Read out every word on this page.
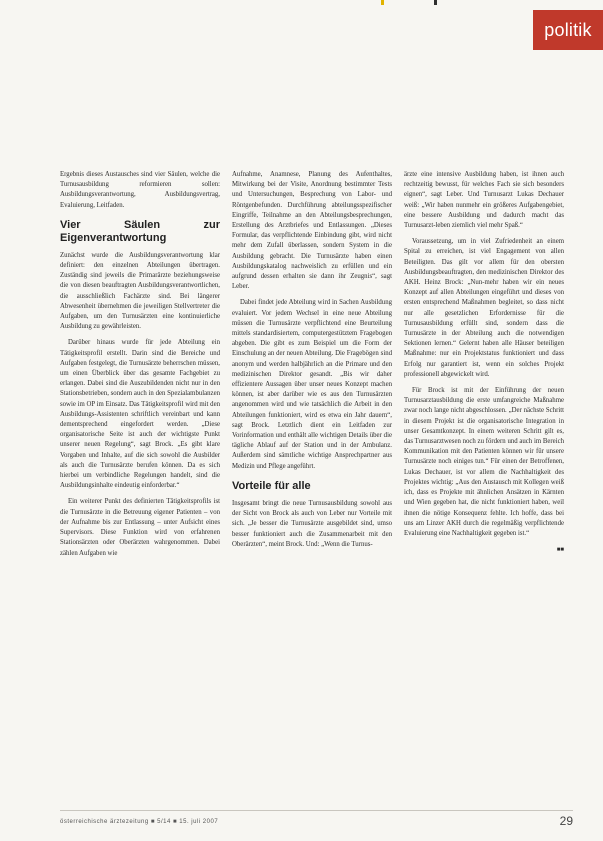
politik

Ergebnis dieses Austausches sind vier Säulen, welche die Turnusausbildung reformieren sollen: Ausbildungsverantwortung, Ausbildungsvertrag, Evaluierung, Leitfaden.

Vier Säulen zur Eigenverantwortung

Zunächst wurde die Ausbildungsverantwortung klar definiert: den einzelnen Abteilungen übertragen. Zuständig sind jeweils die Primarärzte beziehungsweise die von diesen beauftragten Ausbildungsverantwortlichen, die ausschließlich Fachärzte sind. Bei längerer Abwesenheit übernehmen die jeweiligen Stellvertreter die Aufgaben, um den Turnusärzten eine kontinuierliche Ausbildung zu gewährleisten.

Darüber hinaus wurde für jede Abteilung ein Tätigkeitsprofil erstellt. Darin sind die Bereiche und Aufgaben festgelegt, die Turnusärzte beherrschen müssen, um einen Überblick über das gesamte Fachgebiet zu erlangen. Dabei sind die Auszubildenden nicht nur in den Stationsbetrieben, sondern auch in den Spezialambulanzen sowie im OP im Einsatz. Das Tätigkeitsprofil wird mit den Ausbildungs-Assistenten schriftlich vereinbart und kann dementsprechend eingefordert werden. „Diese organisatorische Seite ist auch der wichtigste Punkt unserer neuen Regelung“, sagt Brock. „Es gibt klare Vorgaben und Inhalte, auf die sich sowohl die Ausbilder als auch die Turnusärzte berufen können. Da es sich hierbei um verbindliche Regelungen handelt, sind die Ausbildungsinhalte eindeutig einforderbar.“

Ein weiterer Punkt des definierten Tätigkeitsprofils ist die Turnusärzte in die Betreuung eigener Patienten – von der Aufnahme bis zur Entlassung – unter Aufsicht eines Supervisors. Diese Funktion wird von erfahrenen Stationsärzten oder Oberärzten wahrgenommen. Dabei zählen Aufgaben wie

Aufnahme, Anamnese, Planung des Aufenthaltes, Mitwirkung bei der Visite, Anordnung bestimmter Tests und Untersuchungen, Besprechung von Labor- und Röntgenbefunden. Durchführung abteilungsspezifischer Eingriffe, Teilnahme an den Abteilungsbesprechungen, Erstellung des Arztbriefes und Entlassungen. „Dieses Formular, das verpflichtende Einbindung gibt, wird nicht mehr dem Zufall überlassen, sondern System in die Ausbildung gebracht. Die Turnusärzte haben einen Ausbildungskatalog nachweislich zu erfüllen und ein aufgrund dessen erhalten sie dann ihr Zeugnis“, sagt Leber.

Dabei findet jede Abteilung wird in Sachen Ausbildung evaluiert. Vor jedem Wechsel in eine neue Abteilung müssen die Turnusärzte verpflichtend eine Beurteilung mittels standardisiertem, computergestütztem Fragebogen abgeben. Die gibt es zum Beispiel um die Form der Einschulung an der neuen Abteilung. Die Fragebögen sind anonym und werden halbjährlich an die Primare und den medizinischen Direktor gesandt. „Bis wir daher effizientere Aussagen über unser neues Konzept machen können, ist aber darüber wie es aus den Turnusärzten angenommen wird und wie tatsächlich die Arbeit in den Abteilungen funktioniert, wird es etwa ein Jahr dauern“, sagt Brock. Letztlich dient ein Leitfaden zur Vorinformation und enthält alle wichtigen Details über die tägliche Ablauf auf der Station und in der Ambulanz. Außerdem sind sämtliche wichtige Ansprechpartner aus Medizin und Pflege angeführt.

Vorteile für alle

Insgesamt bringt die neue Turnusausbildung sowohl aus der Sicht von Brock als auch von Leber nur Vorteile mit sich. „Je besser die Turnusärzte ausgebildet sind, umso besser funktioniert auch die Zusammenarbeit mit den Oberärzten“, meint Brock. Und: „Wenn die Turnus-

ärzte eine intensive Ausbildung haben, ist ihnen auch rechtzeitig bewusst, für welches Fach sie sich besonders eignen“, sagt Leber. Und Turnusarzt Lukas Dechauer weiß: „Wir haben nunmehr ein größeres Aufgabengebiet, eine bessere Ausbildung und dadurch macht das Turnusarzt-leben ziemlich viel mehr Spaß.“

Voraussetzung, um in viel Zufriedenheit an einem Spital zu erreichen, ist viel Engagement von allen Beteiligten. Das gilt vor allem für den obersten Ausbildungsbeauftragten, den medizinischen Direktor des AKH. Heinz Brock: „Nun-mehr haben wir ein neues Konzept auf allen Abteilungen eingeführt und dieses von ersten entsprechend Maßnahmen begleitet, so dass nicht nur alle gesetzlichen Erfordernisse für die Turnusausbildung erfüllt sind, sondern dass die Turnusärzte in der Abteilung auch die notwendigen Sektionen lernen.“ Gelernt haben alle Häuser beteiligen Maßnahme: nur ein Projektstatus funktioniert und dass Erfolg nur garantiert ist, wenn ein solches Projekt professionell abgewickelt wird.

Für Brock ist mit der Einführung der neuen Turnusarztausbildung die erste umfangreiche Maßnahme zwar noch lange nicht abgeschlossen. „Der nächste Schritt in diesem Projekt ist die organisatorische Integration in unser Gesamtkonzept. In einem weiteren Schritt gilt es, das Turnusarztwesen noch zu fördern und auch im Bereich Kommunikation mit den Patienten können wir für unsere Turnusärzte noch einiges tun.“ Für einen der Betroffenen, Lukas Dechauer, ist vor allem die Nachhaltigkeit des Projektes wichtig: „Aus den Austausch mit Kollegen weiß ich, dass es Projekte mit ähnlichen Ansätzen in Kärnten und Wien gegeben hat, die nicht funktioniert haben, weil ihnen die nötige Konsequenz fehlte. Ich hoffe, dass bei uns am Linzer AKH durch die regelmäßig verpflichtende Evaluierung eine Nachhaltigkeit gegeben ist.“

■■
österreichische ärztezeitung ■ 5/14 ■ 15. juli 2007	29
